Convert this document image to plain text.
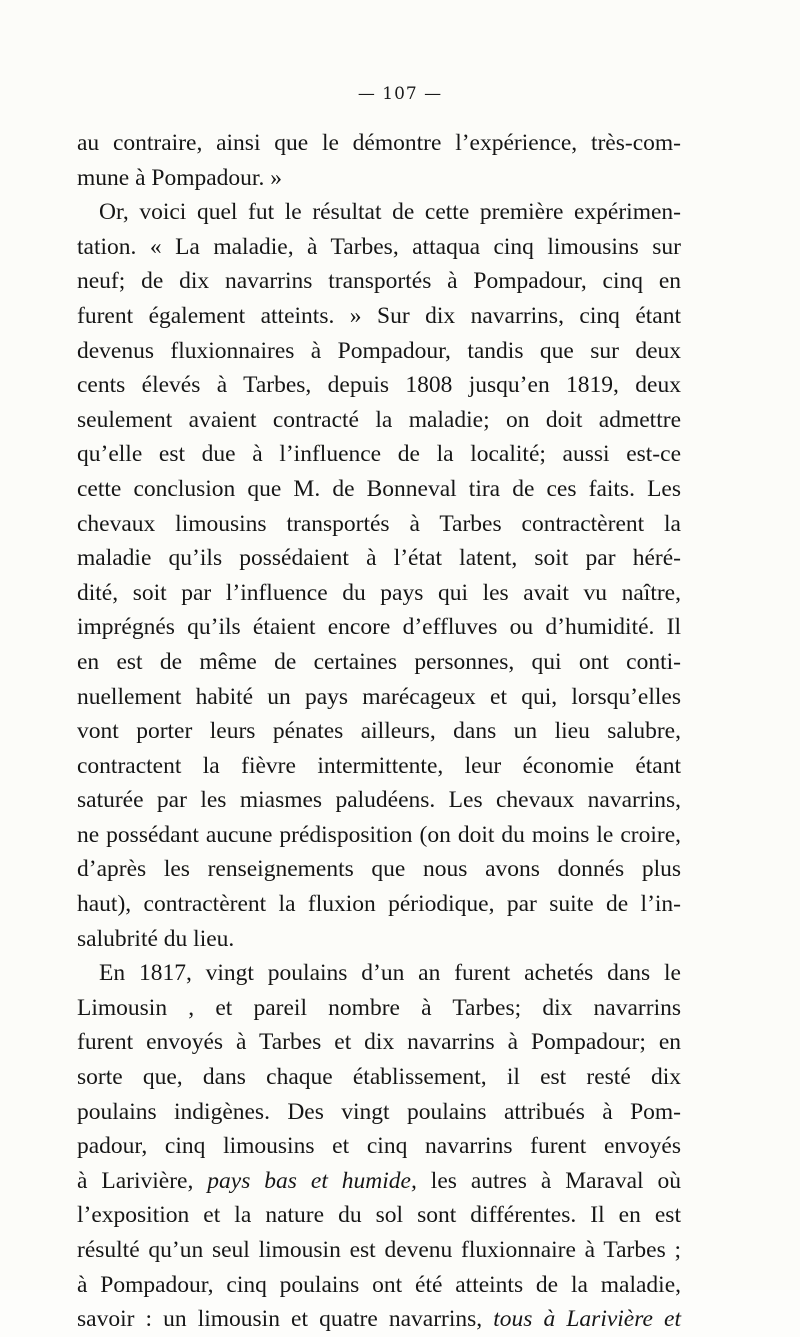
— 107 —
au contraire, ainsi que le démontre l’expérience, très-com-
mune à Pompadour. »
Or, voici quel fut le résultat de cette première expérimen-
tation. « La maladie, à Tarbes, attaqua cinq limousins sur
neuf; de dix navarrins transportés à Pompadour, cinq en
furent également atteints. » Sur dix navarrins, cinq étant
devenus fluxionnaires à Pompadour, tandis que sur deux
cents élevés à Tarbes, depuis 1808 jusqu’en 1819, deux
seulement avaient contracté la maladie; on doit admettre
qu’elle est due à l’influence de la localité; aussi est-ce
cette conclusion que M. de Bonneval tira de ces faits. Les
chevaux limousins transportés à Tarbes contractèrent la
maladie qu’ils possédaient à l’état latent, soit par héré-
dité, soit par l’influence du pays qui les avait vu naître,
imprégnés qu’ils étaient encore d’effluves ou d’humidité. Il
en est de même de certaines personnes, qui ont conti-
nuellement habité un pays marécageux et qui, lorsqu’elles
vont porter leurs pénates ailleurs, dans un lieu salubre,
contractent la fièvre intermittente, leur économie étant
saturée par les miasmes paludéens. Les chevaux navarrins,
ne possédant aucune prédisposition (on doit du moins le croire,
d’après les renseignements que nous avons donnés plus
haut), contractèrent la fluxion périodique, par suite de l’in-
salubrité du lieu.
En 1817, vingt poulains d’un an furent achetés dans le
Limousin , et pareil nombre à Tarbes; dix navarrins
furent envoyés à Tarbes et dix navarrins à Pompadour; en
sorte que, dans chaque établissement, il est resté dix
poulains indigènes. Des vingt poulains attribués à Pom-
padour, cinq limousins et cinq navarrins furent envoyés
à Larivière, pays bas et humide, les autres à Maraval où
l’exposition et la nature du sol sont différentes. Il en est
résulté qu’un seul limousin est devenu fluxionnaire à Tarbes ;
à Pompadour, cinq poulains ont été atteints de la maladie,
savoir : un limousin et quatre navarrins, tous à Larivière et
